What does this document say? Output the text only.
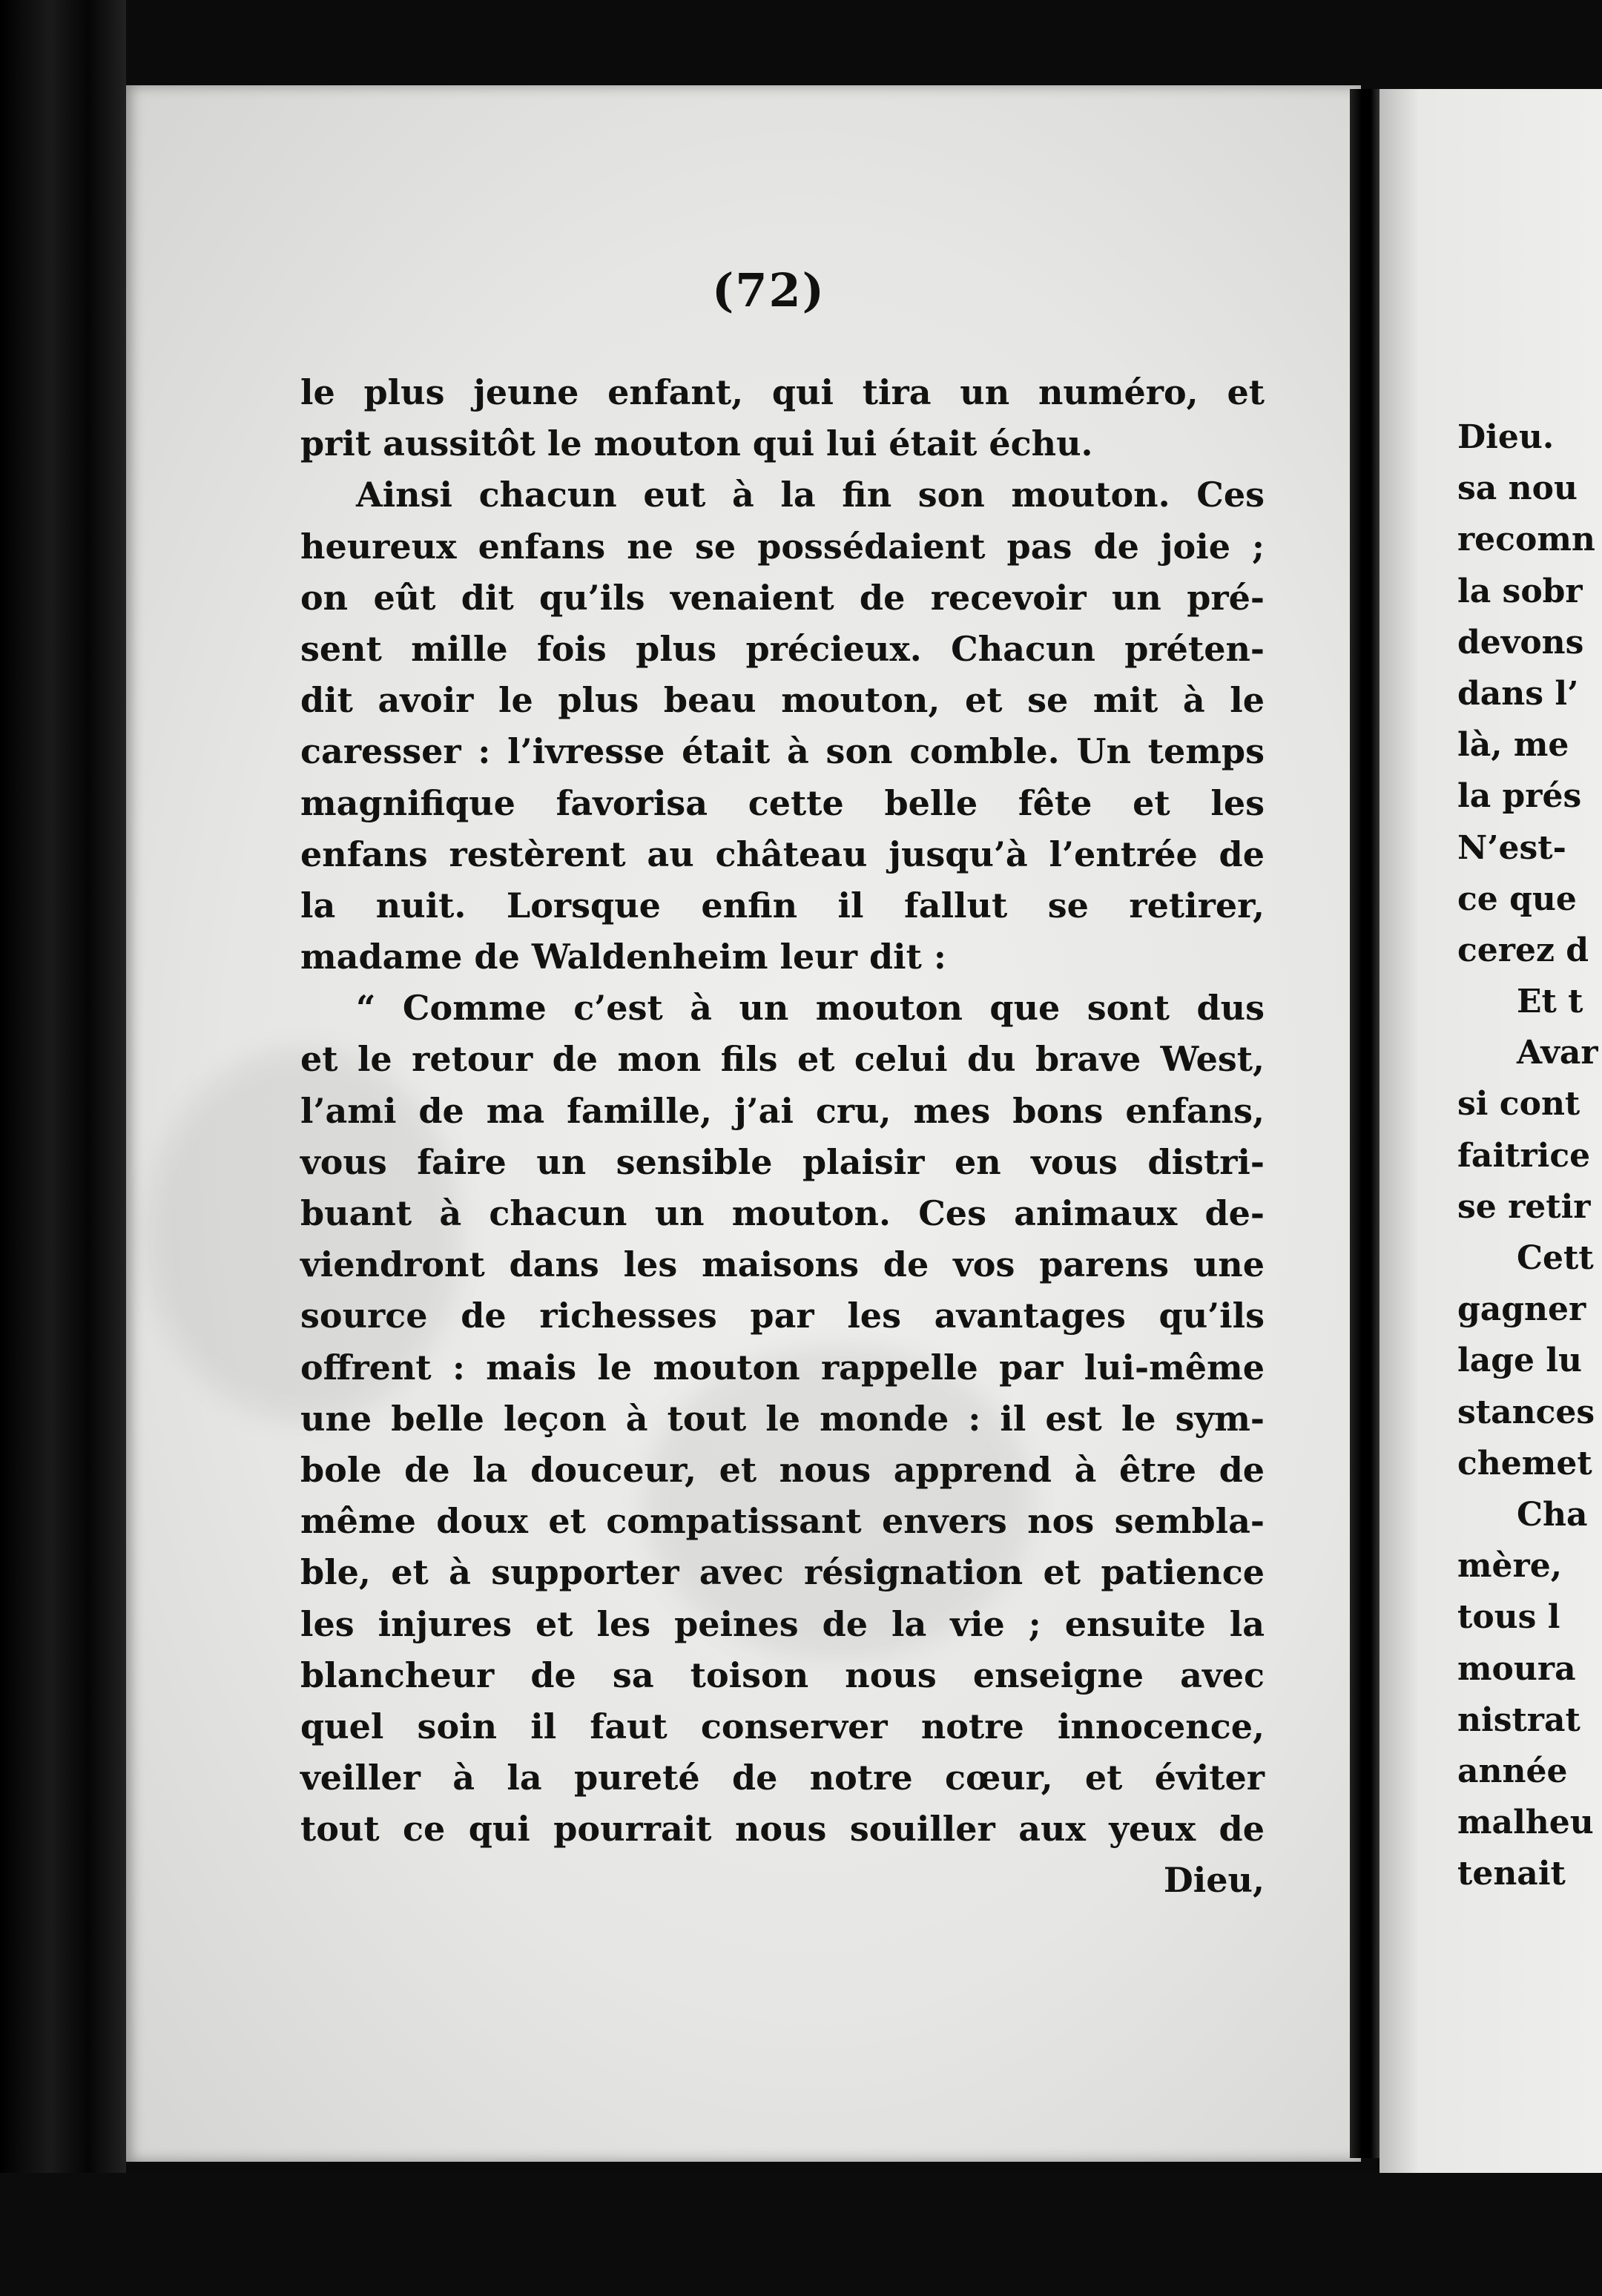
(72)
le plus jeune enfant, qui tira un numéro, et
prit aussitôt le mouton qui lui était échu.
Ainsi chacun eut à la fin son mouton. Ces
heureux enfans ne se possédaient pas de joie ;
on eût dit qu’ils venaient de recevoir un pré-
sent mille fois plus précieux. Chacun préten-
dit avoir le plus beau mouton, et se mit à le
caresser : l’ivresse était à son comble. Un temps
magnifique favorisa cette belle fête et les
enfans restèrent au château jusqu’à l’entrée de
la nuit. Lorsque enfin il fallut se retirer,
madame de Waldenheim leur dit :
“ Comme c’est à un mouton que sont dus
et le retour de mon fils et celui du brave West,
l’ami de ma famille, j’ai cru, mes bons enfans,
vous faire un sensible plaisir en vous distri-
buant à chacun un mouton. Ces animaux de-
viendront dans les maisons de vos parens une
source de richesses par les avantages qu’ils
offrent : mais le mouton rappelle par lui-même
une belle leçon à tout le monde : il est le sym-
bole de la douceur, et nous apprend à être de
même doux et compatissant envers nos sembla-
ble, et à supporter avec résignation et patience
les injures et les peines de la vie ; ensuite la
blancheur de sa toison nous enseigne avec
quel soin il faut conserver notre innocence,
veiller à la pureté de notre cœur, et éviter
tout ce qui pourrait nous souiller aux yeux de
Dieu,
Dieu.
sa nou
recomn
la sobr
devons
dans l’
là, me
la prés
N’est-
ce que
cerez d
Et t
Avar
si cont
faitrice
se retir
Cett
gagner
lage lu
stances
chemet
Cha
mère,
tous l
moura
nistrat
année
malheu
tenait
